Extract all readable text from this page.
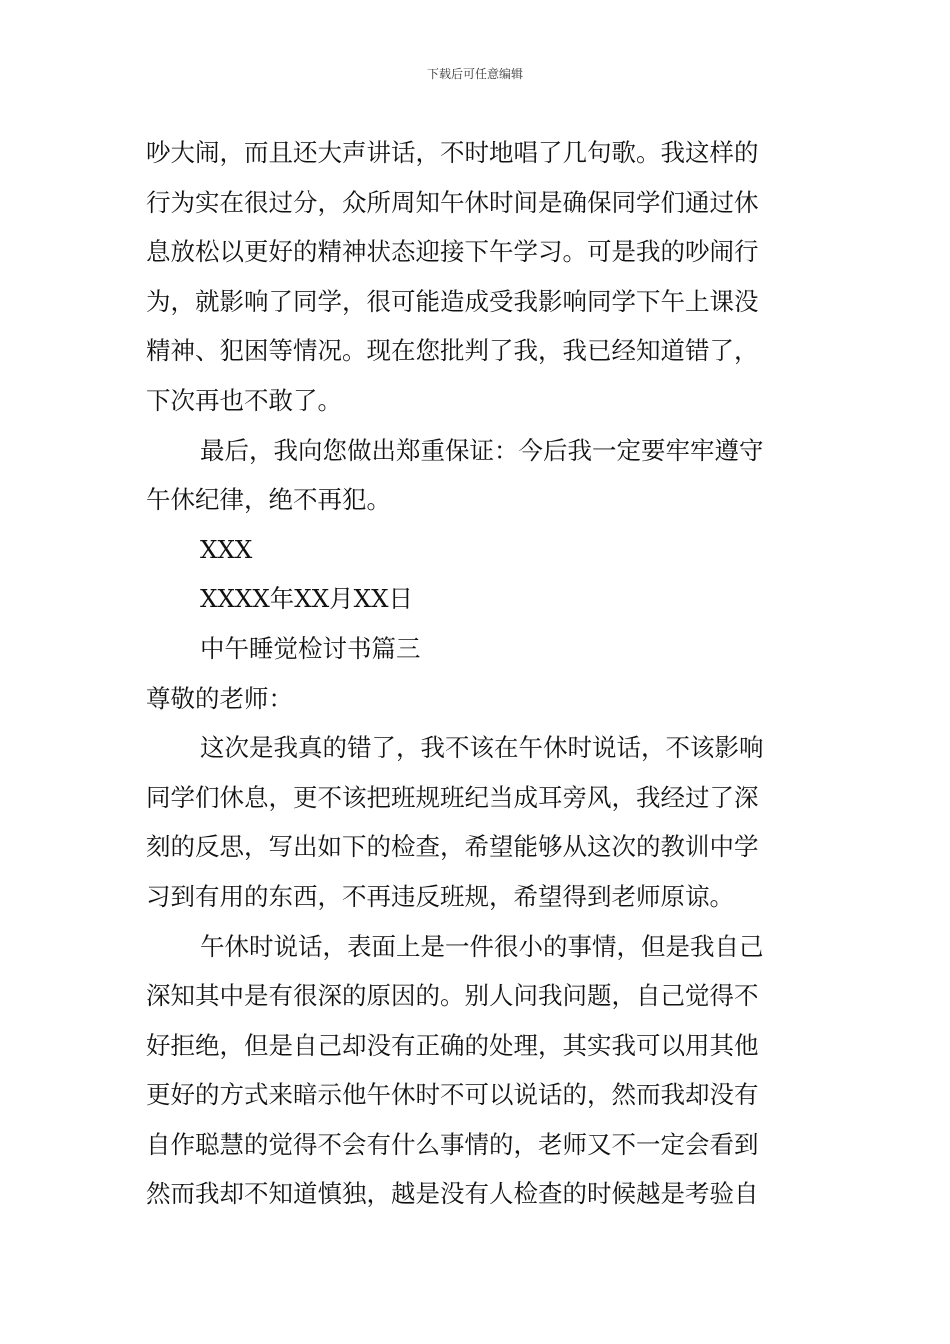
下载后可任意编辑
吵大闹，而且还大声讲话，不时地唱了几句歌。我这样的
行为实在很过分，众所周知午休时间是确保同学们通过休
息放松以更好的精神状态迎接下午学习。可是我的吵闹行
为，就影响了同学，很可能造成受我影响同学下午上课没
精神、犯困等情况。现在您批判了我，我已经知道错了，
下次再也不敢了。
最后，我向您做出郑重保证：今后我一定要牢牢遵守
午休纪律，绝不再犯。
XXX
XXXX年XX月XX日
中午睡觉检讨书篇三
尊敬的老师：
这次是我真的错了，我不该在午休时说话，不该影响
同学们休息，更不该把班规班纪当成耳旁风，我经过了深
刻的反思，写出如下的检查，希望能够从这次的教训中学
习到有用的东西，不再违反班规，希望得到老师原谅。
午休时说话，表面上是一件很小的事情，但是我自己
深知其中是有很深的原因的。别人问我问题，自己觉得不
好拒绝，但是自己却没有正确的处理，其实我可以用其他
更好的方式来暗示他午休时不可以说话的，然而我却没有
自作聪慧的觉得不会有什么事情的，老师又不一定会看到
然而我却不知道慎独，越是没有人检查的时候越是考验自
